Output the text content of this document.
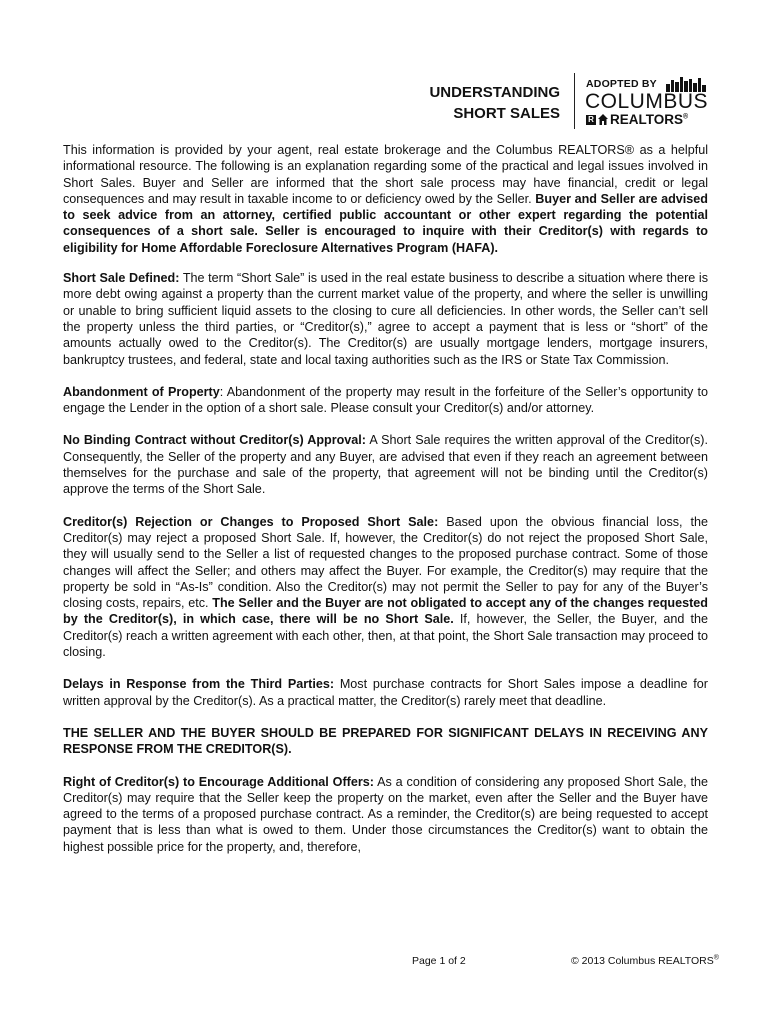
UNDERSTANDING
SHORT SALES
ADOPTED BY
COLUMBUS
R REALTORS®

This information is provided by your agent, real estate brokerage and the Columbus REALTORS® as a helpful informational resource. The following is an explanation regarding some of the practical and legal issues involved in Short Sales. Buyer and Seller are informed that the short sale process may have financial, credit or legal consequences and may result in taxable income to or deficiency owed by the Seller. Buyer and Seller are advised to seek advice from an attorney, certified public accountant or other expert regarding the potential consequences of a short sale. Seller is encouraged to inquire with their Creditor(s) with regards to eligibility for Home Affordable Foreclosure Alternatives Program (HAFA).

Short Sale Defined: The term “Short Sale” is used in the real estate business to describe a situation where there is more debt owing against a property than the current market value of the property, and where the seller is unwilling or unable to bring sufficient liquid assets to the closing to cure all deficiencies. In other words, the Seller can’t sell the property unless the third parties, or “Creditor(s),” agree to accept a payment that is less or “short” of the amounts actually owed to the Creditor(s). The Creditor(s) are usually mortgage lenders, mortgage insurers, bankruptcy trustees, and federal, state and local taxing authorities such as the IRS or State Tax Commission.

Abandonment of Property: Abandonment of the property may result in the forfeiture of the Seller’s opportunity to engage the Lender in the option of a short sale. Please consult your Creditor(s) and/or attorney.

No Binding Contract without Creditor(s) Approval: A Short Sale requires the written approval of the Creditor(s). Consequently, the Seller of the property and any Buyer, are advised that even if they reach an agreement between themselves for the purchase and sale of the property, that agreement will not be binding until the Creditor(s) approve the terms of the Short Sale.

Creditor(s) Rejection or Changes to Proposed Short Sale: Based upon the obvious financial loss, the Creditor(s) may reject a proposed Short Sale. If, however, the Creditor(s) do not reject the proposed Short Sale, they will usually send to the Seller a list of requested changes to the proposed purchase contract. Some of those changes will affect the Seller; and others may affect the Buyer. For example, the Creditor(s) may require that the property be sold in “As-Is” condition. Also the Creditor(s) may not permit the Seller to pay for any of the Buyer’s closing costs, repairs, etc. The Seller and the Buyer are not obligated to accept any of the changes requested by the Creditor(s), in which case, there will be no Short Sale. If, however, the Seller, the Buyer, and the Creditor(s) reach a written agreement with each other, then, at that point, the Short Sale transaction may proceed to closing.

Delays in Response from the Third Parties: Most purchase contracts for Short Sales impose a deadline for written approval by the Creditor(s). As a practical matter, the Creditor(s) rarely meet that deadline.

THE SELLER AND THE BUYER SHOULD BE PREPARED FOR SIGNIFICANT DELAYS IN RECEIVING ANY RESPONSE FROM THE CREDITOR(S).

Right of Creditor(s) to Encourage Additional Offers: As a condition of considering any proposed Short Sale, the Creditor(s) may require that the Seller keep the property on the market, even after the Seller and the Buyer have agreed to the terms of a proposed purchase contract. As a reminder, the Creditor(s) are being requested to accept payment that is less than what is owed to them. Under those circumstances the Creditor(s) want to obtain the highest possible price for the property, and, therefore,

Page 1 of 2	© 2013 Columbus REALTORS®
